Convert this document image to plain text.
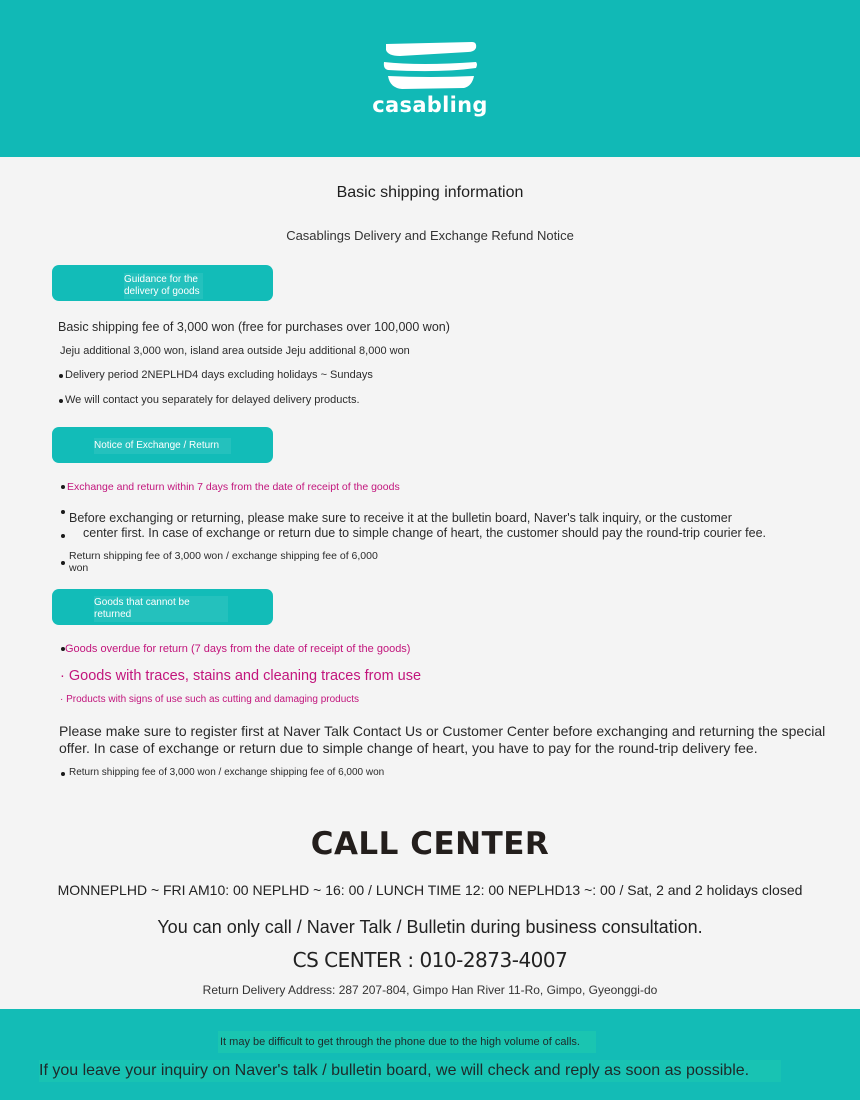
casabling
Basic shipping information
Casablings Delivery and Exchange Refund Notice
Guidance for the
delivery of goods
Basic shipping fee of 3,000 won (free for purchases over 100,000 won)
Jeju additional 3,000 won, island area outside Jeju additional 8,000 won
Delivery period 2NEPLHD4 days excluding holidays ~ Sundays
We will contact you separately for delayed delivery products.
Notice of Exchange / Return
Exchange and return within 7 days from the date of receipt of the goods
Before exchanging or returning, please make sure to receive it at the bulletin board, Naver's talk inquiry, or the customer
center first. In case of exchange or return due to simple change of heart, the customer should pay the round-trip courier fee.
Return shipping fee of 3,000 won / exchange shipping fee of 6,000
won
Goods that cannot be
returned
Goods overdue for return (7 days from the date of receipt of the goods)
· Goods with traces, stains and cleaning traces from use
· Products with signs of use such as cutting and damaging products
Please make sure to register first at Naver Talk Contact Us or Customer Center before exchanging and returning the special
offer. In case of exchange or return due to simple change of heart, you have to pay for the round-trip delivery fee.
Return shipping fee of 3,000 won / exchange shipping fee of 6,000 won
CALL CENTER
MONNEPLHD ~ FRI AM10: 00 NEPLHD ~ 16: 00 / LUNCH TIME 12: 00 NEPLHD13 ~: 00 / Sat, 2 and 2 holidays closed
You can only call / Naver Talk / Bulletin during business consultation.
CS CENTER : 010-2873-4007
Return Delivery Address: 287 207-804, Gimpo Han River 11-Ro, Gimpo, Gyeonggi-do
It may be difficult to get through the phone due to the high volume of calls.
If you leave your inquiry on Naver's talk / bulletin board, we will check and reply as soon as possible.
